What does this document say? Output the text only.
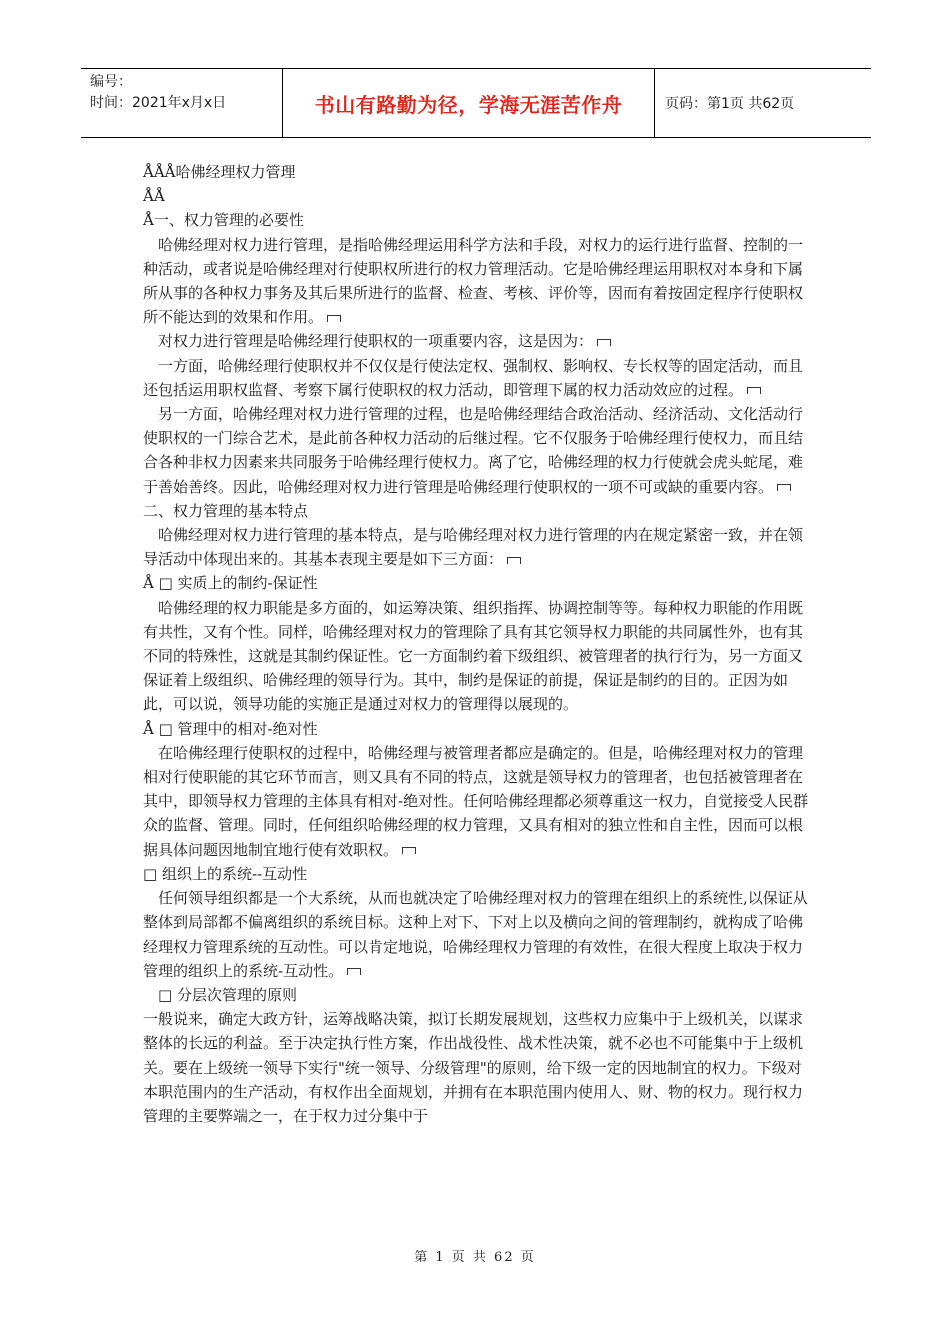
编号：
时间：2021年x月x日	书山有路勤为径，学海无涯苦作舟	页码：第1页 共62页

ÅÅÅ哈佛经理权力管理

ÅÅ

Å一、权力管理的必要性

哈佛经理对权力进行管理，是指哈佛经理运用科学方法和手段，对权力的运行进行监督、控制的一种活动，或者说是哈佛经理对行使职权所进行的权力管理活动。它是哈佛经理运用职权对本身和下属所从事的各种权力事务及其后果所进行的监督、检查、考核、评价等，因而有着按固定程序行使职权所不能达到的效果和作用。

对权力进行管理是哈佛经理行使职权的一项重要内容，这是因为：

一方面，哈佛经理行使职权并不仅仅是行使法定权、强制权、影响权、专长权等的固定活动，而且还包括运用职权监督、考察下属行使职权的权力活动，即管理下属的权力活动效应的过程。

另一方面，哈佛经理对权力进行管理的过程，也是哈佛经理结合政治活动、经济活动、文化活动行使职权的一门综合艺术，是此前各种权力活动的后继过程。它不仅服务于哈佛经理行使权力，而且结合各种非权力因素来共同服务于哈佛经理行使权力。离了它，哈佛经理的权力行使就会虎头蛇尾，难于善始善终。因此，哈佛经理对权力进行管理是哈佛经理行使职权的一项不可或缺的重要内容。

二、权力管理的基本特点

哈佛经理对权力进行管理的基本特点，是与哈佛经理对权力进行管理的内在规定紧密一致，并在领导活动中体现出来的。其基本表现主要是如下三方面：

Å □ 实质上的制约-保证性

哈佛经理的权力职能是多方面的，如运筹决策、组织指挥、协调控制等等。每种权力职能的作用既有共性，又有个性。同样，哈佛经理对权力的管理除了具有其它领导权力职能的共同属性外，也有其不同的特殊性，这就是其制约保证性。它一方面制约着下级组织、被管理者的执行行为，另一方面又保证着上级组织、哈佛经理的领导行为。其中，制约是保证的前提，保证是制约的目的。正因为如此，可以说，领导功能的实施正是通过对权力的管理得以展现的。

Å □ 管理中的相对-绝对性

在哈佛经理行使职权的过程中，哈佛经理与被管理者都应是确定的。但是，哈佛经理对权力的管理相对行使职能的其它环节而言，则又具有不同的特点，这就是领导权力的管理者，也包括被管理者在其中，即领导权力管理的主体具有相对-绝对性。任何哈佛经理都必须尊重这一权力，自觉接受人民群众的监督、管理。同时，任何组织哈佛经理的权力管理，又具有相对的独立性和自主性，因而可以根据具体问题因地制宜地行使有效职权。

□ 组织上的系统--互动性

任何领导组织都是一个大系统，从而也就决定了哈佛经理对权力的管理在组织上的系统性,以保证从整体到局部都不偏离组织的系统目标。这种上对下、下对上以及横向之间的管理制约，就构成了哈佛经理权力管理系统的互动性。可以肯定地说，哈佛经理权力管理的有效性，在很大程度上取决于权力管理的组织上的系统-互动性。

□ 分层次管理的原则

一般说来，确定大政方针，运筹战略决策，拟订长期发展规划，这些权力应集中于上级机关，以谋求整体的长远的利益。至于决定执行性方案，作出战役性、战术性决策，就不必也不可能集中于上级机关。要在上级统一领导下实行"统一领导、分级管理"的原则，给下级一定的因地制宜的权力。下级对本职范围内的生产活动，有权作出全面规划，并拥有在本职范围内使用人、财、物的权力。现行权力管理的主要弊端之一，在于权力过分集中于

第 1 页 共 62 页
